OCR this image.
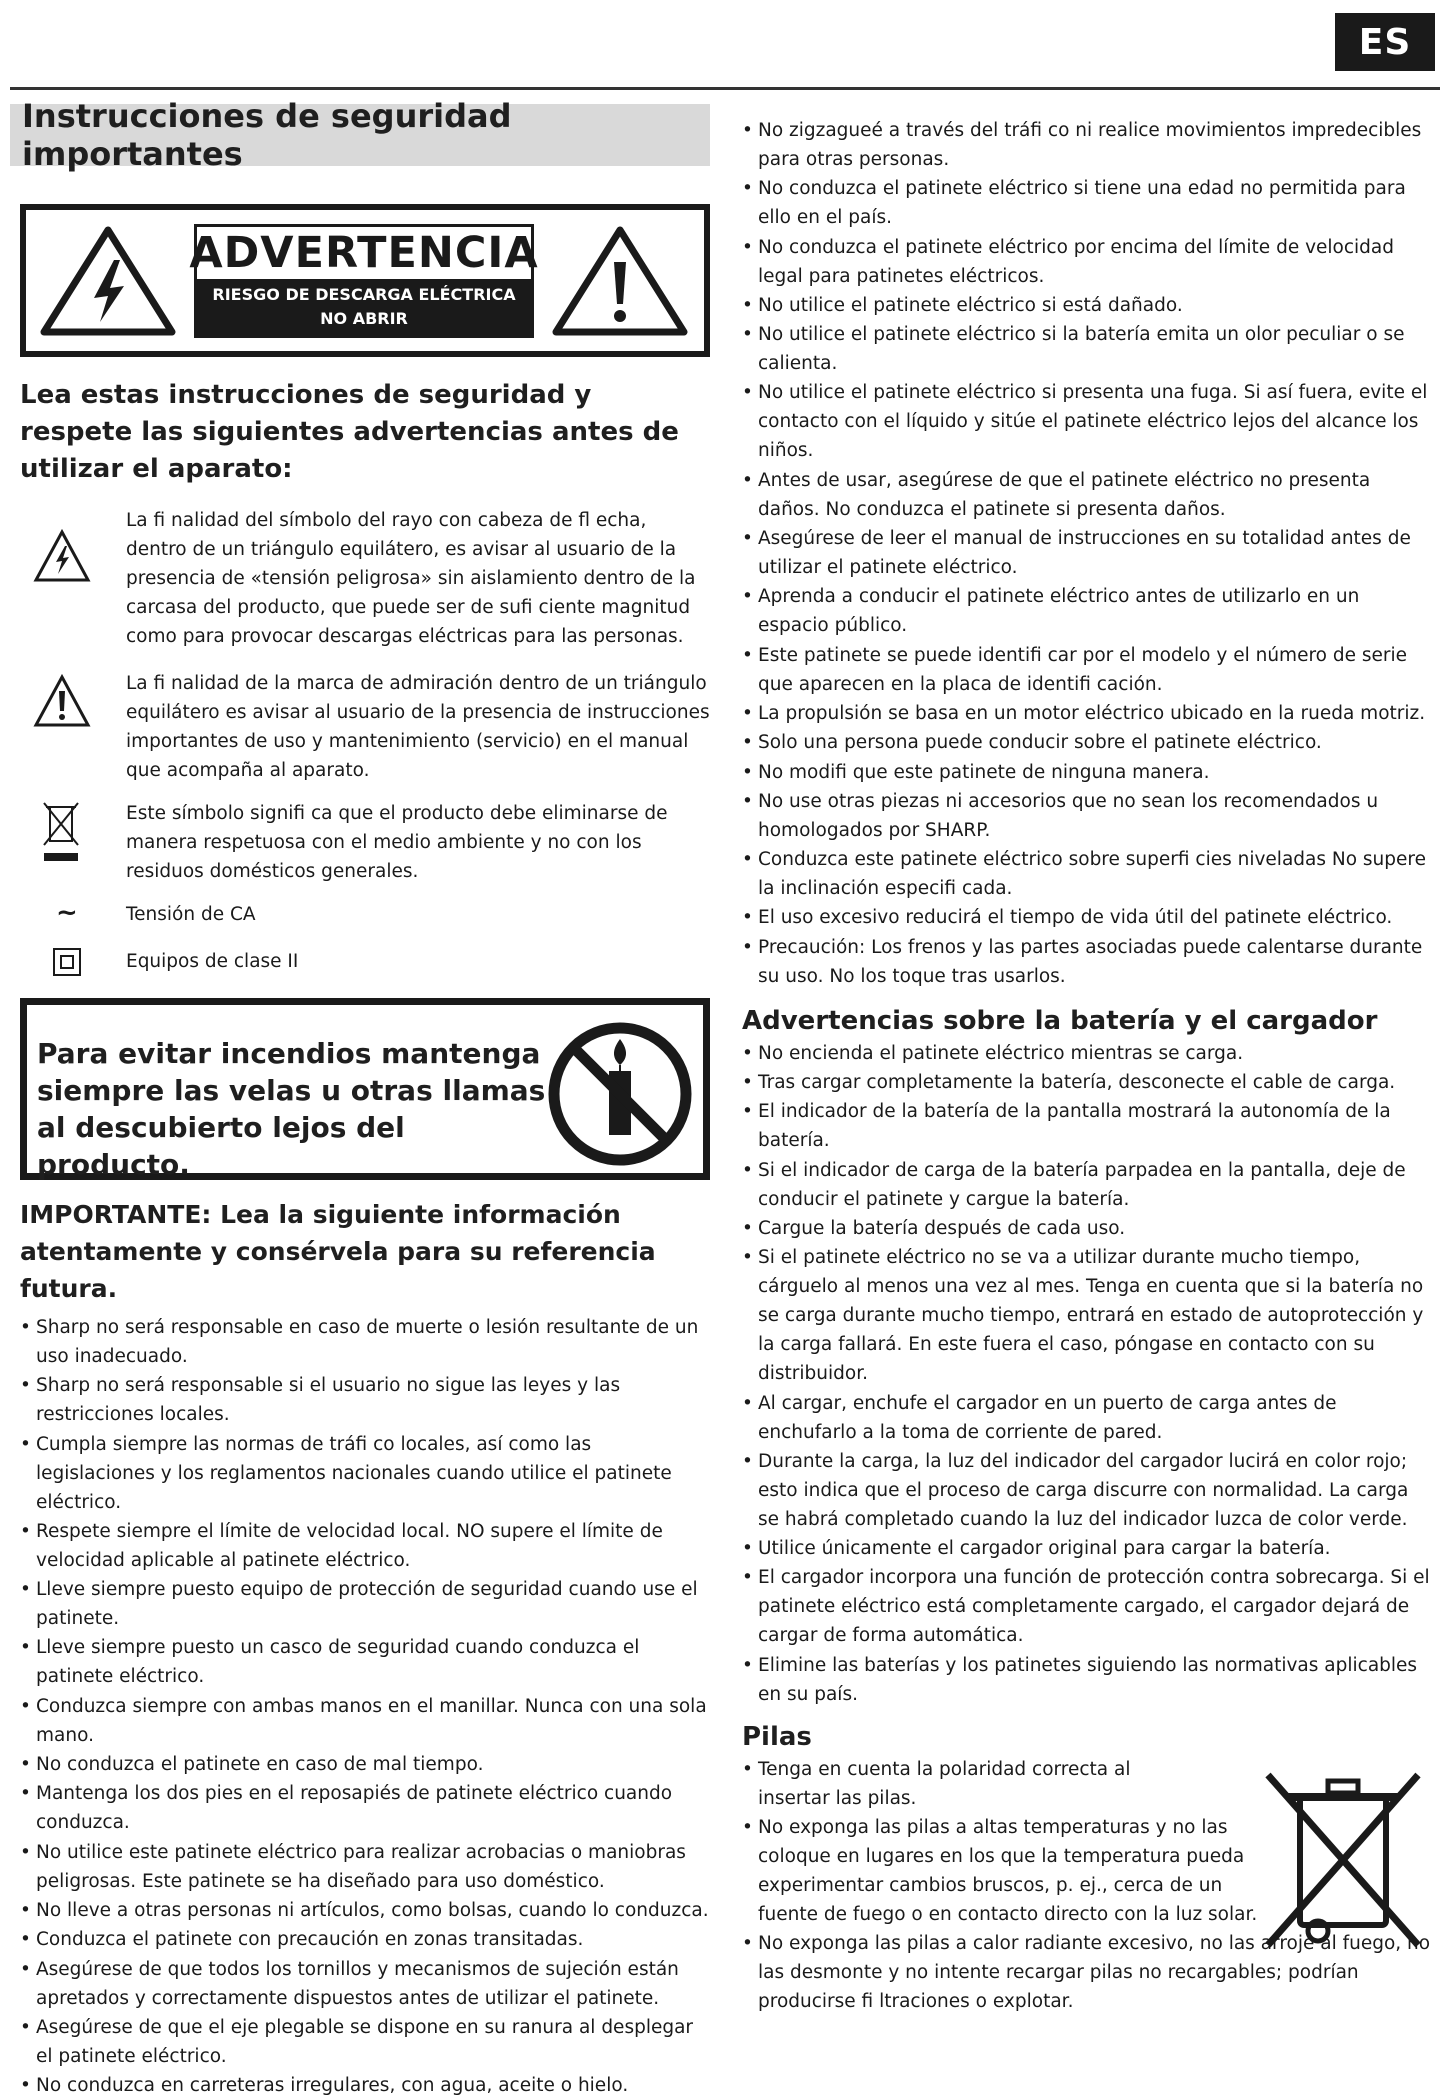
ES
Instrucciones de seguridad importantes
ADVERTENCIA
RIESGO DE DESCARGA ELÉCTRICA
NO ABRIR
Lea estas instrucciones de seguridad y respete las siguientes advertencias antes de utilizar el aparato:
La fi nalidad del símbolo del rayo con cabeza de fl echa, dentro de un triángulo equilátero, es avisar al usuario de la presencia de «tensión peligrosa» sin aislamiento dentro de la carcasa del producto, que puede ser de sufi ciente magnitud como para provocar descargas eléctricas para las personas.
La fi nalidad de la marca de admiración dentro de un triángulo equilátero es avisar al usuario de la presencia de instrucciones importantes de uso y mantenimiento (servicio) en el manual que acompaña al aparato.
Este símbolo signifi ca que el producto debe eliminarse de manera respetuosa con el medio ambiente y no con los residuos domésticos generales.
~	Tensión de CA
Equipos de clase II
Para evitar incendios mantenga siempre las velas u otras llamas al descubierto lejos del producto.
IMPORTANTE: Lea la siguiente información atentamente y consérvela para su referencia futura.
• Sharp no será responsable en caso de muerte o lesión resultante de un uso inadecuado.
• Sharp no será responsable si el usuario no sigue las leyes y las restricciones locales.
• Cumpla siempre las normas de tráfi co locales, así como las legislaciones y los reglamentos nacionales cuando utilice el patinete eléctrico.
• Respete siempre el límite de velocidad local. NO supere el límite de velocidad aplicable al patinete eléctrico.
• Lleve siempre puesto equipo de protección de seguridad cuando use el patinete.
• Lleve siempre puesto un casco de seguridad cuando conduzca el patinete eléctrico.
• Conduzca siempre con ambas manos en el manillar. Nunca con una sola mano.
• No conduzca el patinete en caso de mal tiempo.
• Mantenga los dos pies en el reposapiés de patinete eléctrico cuando conduzca.
• No utilice este patinete eléctrico para realizar acrobacias o maniobras peligrosas. Este patinete se ha diseñado para uso doméstico.
• No lleve a otras personas ni artículos, como bolsas, cuando lo conduzca.
• Conduzca el patinete con precaución en zonas transitadas.
• Asegúrese de que todos los tornillos y mecanismos de sujeción están apretados y correctamente dispuestos antes de utilizar el patinete.
• Asegúrese de que el eje plegable se dispone en su ranura al desplegar el patinete eléctrico.
• No conduzca en carreteras irregulares, con agua, aceite o hielo.
• No zigzagueé a través del tráfi co ni realice movimientos impredecibles para otras personas.
• No conduzca el patinete eléctrico si tiene una edad no permitida para ello en el país.
• No conduzca el patinete eléctrico por encima del límite de velocidad legal para patinetes eléctricos.
• No utilice el patinete eléctrico si está dañado.
• No utilice el patinete eléctrico si la batería emita un olor peculiar o se calienta.
• No utilice el patinete eléctrico si presenta una fuga. Si así fuera, evite el contacto con el líquido y sitúe el patinete eléctrico lejos del alcance los niños.
• Antes de usar, asegúrese de que el patinete eléctrico no presenta daños. No conduzca el patinete si presenta daños.
• Asegúrese de leer el manual de instrucciones en su totalidad antes de utilizar el patinete eléctrico.
• Aprenda a conducir el patinete eléctrico antes de utilizarlo en un espacio público.
• Este patinete se puede identifi car por el modelo y el número de serie que aparecen en la placa de identifi cación.
• La propulsión se basa en un motor eléctrico ubicado en la rueda motriz.
• Solo una persona puede conducir sobre el patinete eléctrico.
• No modifi que este patinete de ninguna manera.
• No use otras piezas ni accesorios que no sean los recomendados u homologados por SHARP.
• Conduzca este patinete eléctrico sobre superfi cies niveladas No supere la inclinación especifi cada.
• El uso excesivo reducirá el tiempo de vida útil del patinete eléctrico.
• Precaución: Los frenos y las partes asociadas puede calentarse durante su uso. No los toque tras usarlos.
Advertencias sobre la batería y el cargador
• No encienda el patinete eléctrico mientras se carga.
• Tras cargar completamente la batería, desconecte el cable de carga.
• El indicador de la batería de la pantalla mostrará la autonomía de la batería.
• Si el indicador de carga de la batería parpadea en la pantalla, deje de conducir el patinete y cargue la batería.
• Cargue la batería después de cada uso.
• Si el patinete eléctrico no se va a utilizar durante mucho tiempo, cárguelo al menos una vez al mes. Tenga en cuenta que si la batería no se carga durante mucho tiempo, entrará en estado de autoprotección y la carga fallará. En este fuera el caso, póngase en contacto con su distribuidor.
• Al cargar, enchufe el cargador en un puerto de carga antes de enchufarlo a la toma de corriente de pared.
• Durante la carga, la luz del indicador del cargador lucirá en color rojo; esto indica que el proceso de carga discurre con normalidad. La carga se habrá completado cuando la luz del indicador luzca de color verde.
• Utilice únicamente el cargador original para cargar la batería.
• El cargador incorpora una función de protección contra sobrecarga. Si el patinete eléctrico está completamente cargado, el cargador dejará de cargar de forma automática.
• Elimine las baterías y los patinetes siguiendo las normativas aplicables en su país.
Pilas
• Tenga en cuenta la polaridad correcta al insertar las pilas.
• No exponga las pilas a altas temperaturas y no las coloque en lugares en los que la temperatura pueda experimentar cambios bruscos, p. ej., cerca de un fuente de fuego o en contacto directo con la luz solar.
• No exponga las pilas a calor radiante excesivo, no las arroje al fuego, no las desmonte y no intente recargar pilas no recargables; podrían producirse fi ltraciones o explotar.
